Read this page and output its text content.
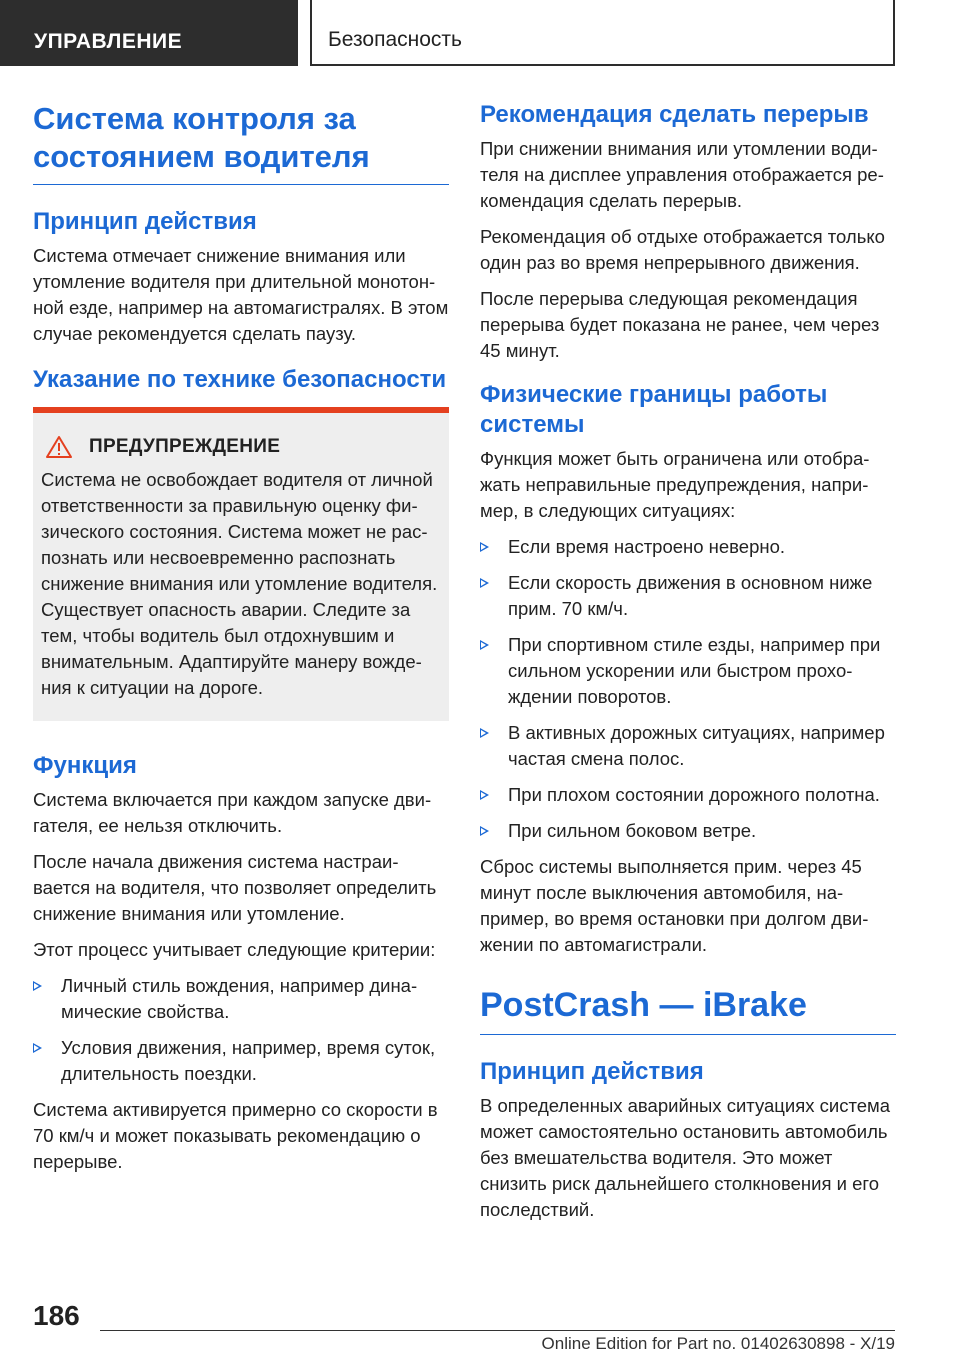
УПРАВЛЕНИЕ	Безопасность
Система контроля за состоянием водителя
Принцип действия

Система отмечает снижение внимания или утомление водителя при длительной монотонной езде, например на автомагистралях. В этом случае рекомендуется сделать паузу.

Указание по технике безопасности
ПРЕДУПРЕЖДЕНИЕ

Система не освобождает водителя от личной ответственности за правильную оценку физического состояния. Система может не распознать или несвоевременно распознать снижение внимания или утомление водителя. Существует опасность аварии. Следите за тем, чтобы водитель был отдохнувшим и внимательным. Адаптируйте манеру вождения к ситуации на дороге.

Функция

Система включается при каждом запуске двигателя, ее нельзя отключить.

После начала движения система настраивается на водителя, что позволяет определить снижение внимания или утомление.

Этот процесс учитывает следующие критерии:

Личный стиль вождения, например динамические свойства.
Условия движения, например, время суток, длительность поездки.

Система активируется примерно со скорости в 70 км/ч и может показывать рекомендацию о перерыве.

Рекомендация сделать перерыв

При снижении внимания или утомлении водителя на дисплее управления отображается рекомендация сделать перерыв.

Рекомендация об отдыхе отображается только один раз во время непрерывного движения.

После перерыва следующая рекомендация перерыва будет показана не ранее, чем через 45 минут.

Физические границы работы системы

Функция может быть ограничена или отображать неправильные предупреждения, например, в следующих ситуациях:

Если время настроено неверно.
Если скорость движения в основном ниже прим. 70 км/ч.
При спортивном стиле езды, например при сильном ускорении или быстром прохождении поворотов.
В активных дорожных ситуациях, например частая смена полос.
При плохом состоянии дорожного полотна.
При сильном боковом ветре.

Сброс системы выполняется прим. через 45 минут после выключения автомобиля, например, во время остановки при долгом движении по автомагистрали.

PostCrash — iBrake
Принцип действия

В определенных аварийных ситуациях система может самостоятельно остановить автомобиль без вмешательства водителя. Это может снизить риск дальнейшего столкновения и его последствий.

186
Online Edition for Part no. 01402630898 - X/19
